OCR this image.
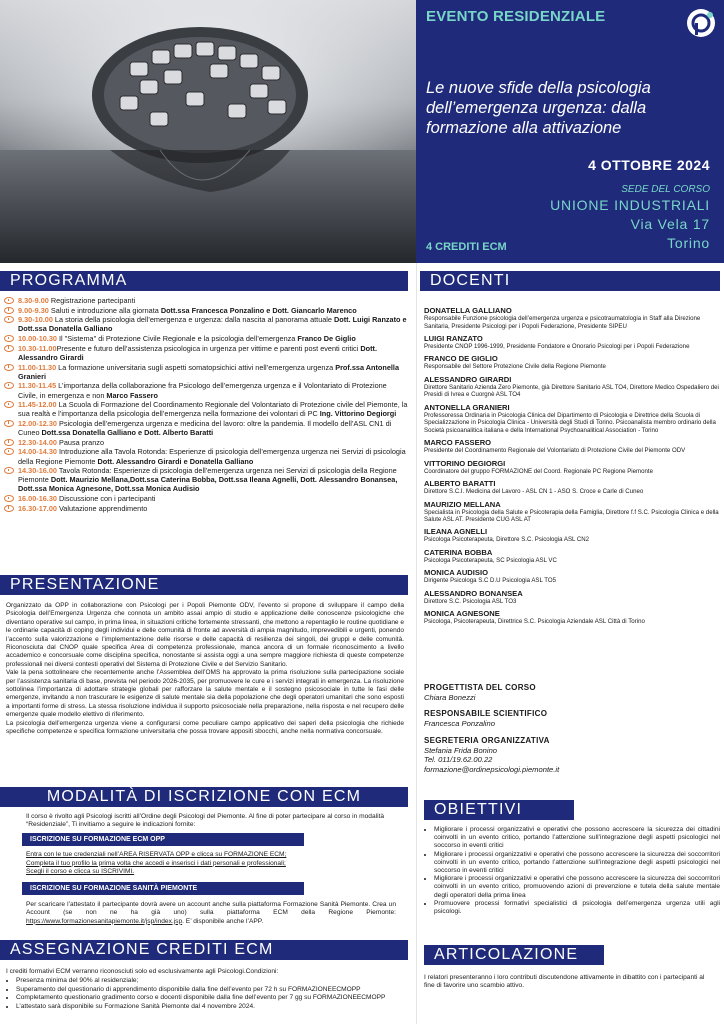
EVENTO RESIDENZIALE
Le nuove sfide della psicologia dell’emergenza urgenza: dalla formazione alla attivazione
4 OTTOBRE 2024
SEDE DEL CORSO
UNIONE INDUSTRIALI
Via Vela 17
Torino
4 CREDITI ECM
PROGRAMMA
8.30-9.00 Registrazione partecipanti
9.00-9.30 Saluti e introduzione alla giornata Dott.ssa Francesca Ponzalino e Dott. Giancarlo Marenco
9.30-10.00 La storia della psicologia dell’emergenza e urgenza: dalla nascita al panorama attuale Dott. Luigi Ranzato e Dott.ssa Donatella Galliano
10.00-10.30 Il "Sistema" di Protezione Civile Regionale e la psicologia dell’emergenza Franco De Giglio
10.30-11.00Presente e futuro dell’assistenza psicologica in urgenza per vittime e parenti post eventi critici Dott. Alessandro Girardi
11.00-11.30 La formazione universitaria sugli aspetti somatopsichici attivi nell’emergenza urgenza Prof.ssa Antonella Granieri
11.30-11.45 L’importanza della collaborazione fra Psicologo dell’emergenza urgenza e il Volontariato di Protezione Civile, in emergenza e non Marco Fassero
11.45-12.00 La Scuola di Formazione del Coordinamento Regionale del Volontariato di Protezione civile del Piemonte, la sua realtà e l’importanza della psicologia dell’emergenza nella formazione dei volontari di PC Ing. Vittorino Degiorgi
12.00-12.30 Psicologia dell’emergenza urgenza e medicina del lavoro: oltre la pandemia. Il modello dell’ASL CN1 di Cuneo Dott.ssa Donatella Galliano e Dott. Alberto Baratti
12.30-14.00 Pausa pranzo
14.00-14.30 Introduzione alla Tavola Rotonda: Esperienze di psicologia dell’emergenza urgenza nei Servizi di psicologia della Regione Piemonte Dott. Alessandro Girardi e Donatella Galliano
14.30-16.00 Tavola Rotonda: Esperienze di psicologia dell’emergenza urgenza nei Servizi di psicologia della Regione Piemonte Dott. Maurizio Mellana,Dott.ssa Caterina Bobba, Dott.ssa Ileana Agnelli, Dott. Alessandro Bonansea, Dott.ssa Monica Agnesone, Dott.ssa Monica Audisio
16.00-16.30 Discussione con i partecipanti
16.30-17.00 Valutazione apprendimento
PRESENTAZIONE

Organizzato da OPP in collaborazione con Psicologi per i Popoli Piemonte ODV, l’evento si propone di sviluppare il campo della Psicologia dell’Emergenza Urgenza che connota un ambito assai ampio di studio e applicazione delle conoscenze psicologiche che diventano operative sul campo, in prima linea, in situazioni critiche fortemente stressanti, che mettono a repentaglio le routine quotidiane e le ordinarie capacità di coping degli individui e delle comunità di fronte ad avversità di ampia magnitudo, imprevedibili e urgenti, ponendo l’accento sulla valorizzazione e l’implementazione delle risorse e delle capacità di resilienza dei singoli, dei gruppi e delle comunità. Riconosciuta dal CNOP quale specifica Area di competenza professionale, manca ancora di un formale riconoscimento a livello accademico e concorsuale come disciplina specifica, nonostante si assista oggi a una sempre maggiore richiesta di queste competenze professionali nei diversi contesti operativi del Sistema di Protezione Civile e del Servizio Sanitario.

Vale la pena sottolineare che recentemente anche l’Assemblea dell’OMS ha approvato la prima risoluzione sulla partecipazione sociale per l’assistenza sanitaria di base, prevista nel periodo 2026-2035, per promuovere le cure e i servizi integrati in emergenza. La risoluzione sottolinea l’importanza di adottare strategie globali per rafforzare la salute mentale e il sostegno psicosociale in tutte le fasi delle emergenze, invitando a non trascurare le esigenze di salute mentale sia della popolazione che degli operatori umanitari che sono esposti a importanti forme di stress. La stessa risoluzione individua il supporto psicosociale nella preparazione, nella risposta e nel recupero delle emergenze quale modello elettivo di riferimento.

La psicologia dell’emergenza urgenza viene a configurarsi come peculiare campo applicativo dei saperi della psicologia che richiede specifiche competenze e specifica formazione universitaria che possa trovare appositi sbocchi, anche nella normativa concorsuale.

MODALITÀ DI ISCRIZIONE CON ECM
Il corso è rivolto agli Psicologi iscritti all’Ordine degli Psicologi del Piemonte. Al fine di poter partecipare al corso in modalità “Residenziale”, Ti invitiamo a seguire le indicazioni fornite:
ISCRIZIONE SU FORMAZIONE ECM OPP
Entra con le tue credenziali nell’AREA RISERVATA OPP e clicca su FORMAZIONE ECM;
Completa il tuo profilo la prima volta che accedi e inserisci i dati personali e professionali;
Scegli il corso e clicca su ISCRIVIMI.
ISCRIZIONE SU FORMAZIONE SANITÀ PIEMONTE
Per scaricare l’attestato il partecipante dovrà avere un account anche sulla piattaforma Formazione Sanità Piemonte. Crea un Account (se non ne ha già uno) sulla piattaforma ECM della Regione Piemonte: https://www.formazionesanitapiemonte.it/jsp/index.jsp. E’ disponibile anche l’APP.
ASSEGNAZIONE CREDITI ECM
I crediti formativi ECM verranno riconosciuti solo ed esclusivamente agli Psicologi.Condizioni:
• Presenza minima del 90% al residenziale;
• Superamento del questionario di apprendimento disponibile dalla fine dell’evento per 72 h su FORMAZIONEECMOPP
• Completamento questionario gradimento corso e docenti disponibile dalla fine dell’evento per 7 gg su FORMAZIONEECMOPP
• L’attestato sarà disponibile su Formazione Sanità Piemonte dal 4 novembre 2024.
DOCENTI
DONATELLA GALLIANO
Responsabile Funzione psicologia dell’emergenza urgenza e psicotraumatologia in Staff alla Direzione Sanitaria, Presidente Psicologi per i Popoli Federazione, Presidente SIPEU
LUIGI RANZATO
Presidente CNOP 1996-1999, Presidente Fondatore e Onorario Psicologi per i Popoli Federazione
FRANCO DE GIGLIO
Responsabile del Settore Protezione Civile della Regione Piemonte
ALESSANDRO GIRARDI
Direttore Sanitario Azienda Zero Piemonte, già Direttore Sanitario ASL TO4, Direttore Medico Ospedaliero dei Presidi di Ivrea e Cuorgnè ASL TO4
ANTONELLA GRANIERI
Professoressa Ordinaria in Psicologia Clinica del Dipartimento di Psicologia e Direttrice della Scuola di Specializzazione in Psicologia Clinica - Università degli Studi di Torino. Psicoanalista membro ordinario della Società psicoanalitica italiana e della International Psychoanalitical Association - Torino
MARCO FASSERO
Presidente del Coordinamento Regionale del Volontariato di Protezione Civile del Piemonte ODV
VITTORINO DEGIORGI
Coordinatore del gruppo FORMAZIONE del Coord. Regionale PC Regione Piemonte
ALBERTO BARATTI
Direttore S.C.I. Medicina del Lavoro - ASL CN 1 - ASO S. Croce e Carle di Cuneo
MAURIZIO MELLANA
Specialista in Psicologia della Salute e Psicoterapia della Famiglia, Direttore f.f S.C. Psicologia Clinica e della Salute ASL AT. Presidente CUG ASL AT
ILEANA AGNELLI
Psicologa Psicoterapeuta, Direttore S.C. Psicologia ASL CN2
CATERINA BOBBA
Psicologa Psicoterapeuta, SC Psicologia ASL VC
MONICA AUDISIO
Dirigente Psicologa S.C D.U Psicologia ASL TO5
ALESSANDRO BONANSEA
Direttore S.C. Psicologia ASL TO3
MONICA AGNESONE
Psicologa, Psicoterapeuta, Direttrice S.C. Psicologia Aziendale ASL Città di Torino
PROGETTISTA DEL CORSO
Chiara Bonezzi
RESPONSABILE SCIENTIFICO
Francesca Ponzalino
SEGRETERIA ORGANIZZATIVA
Stefania Frida Bonino
Tel. 011/19.62.00.22
formazione@ordinepsicologi.piemonte.it
OBIETTIVI
• Migliorare i processi organizzativi e operativi che possono accrescere la sicurezza dei cittadini coinvolti in un evento critico, portando l’attenzione sull’integrazione degli aspetti psicologici nel soccorso in eventi critici
• Migliorare i processi organizzativi e operativi che possono accrescere la sicurezza dei soccorritori coinvolti in un evento critico, portando l’attenzione sull’integrazione degli aspetti psicologici nel soccorso in eventi critici
• Migliorare i processi organizzativi e operativi che possono accrescere la sicurezza dei soccorritori coinvolti in un evento critico, promuovendo azioni di prevenzione e tutela della salute mentale degli operatori della prima linea
• Promuovere processi formativi specialistici di psicologia dell’emergenza urgenza utili agli psicologi.
ARTICOLAZIONE
I relatori presenteranno i loro contributi discutendone attivamente in dibattito con i partecipanti al fine di favorire uno scambio attivo.
